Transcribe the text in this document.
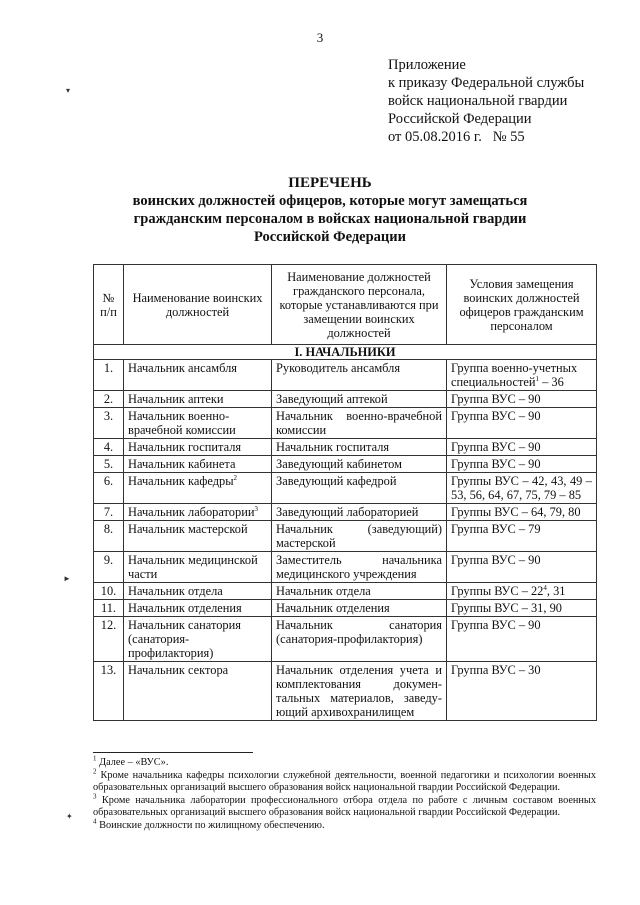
3
Приложение
к приказу Федеральной службы
войск национальной гвардии
Российской Федерации
от 05.08.2016 г.   № 55
ПЕРЕЧЕНЬ
воинских должностей офицеров, которые могут замещаться
гражданским персоналом в войсках национальной гвардии
Российской Федерации
№ п/п	Наименование воинских должностей	Наименование должностей гражданского персонала, которые устанавливаются при замещении воинских должностей	Условия замещения воинских должностей офицеров гражданским персоналом
I. НАЧАЛЬНИКИ			
1.	Начальник ансамбля	Руководитель ансамбля	Группа военно-учетных специальностей$^1$ – 36
2.	Начальник аптеки	Заведующий аптекой	Группа ВУС – 90
3.	Начальник военно-врачебной комиссии	Начальник военно-врачебной комиссии	Группа ВУС – 90
4.	Начальник госпиталя	Начальник госпиталя	Группа ВУС – 90
5.	Начальник кабинета	Заведующий кабинетом	Группа ВУС – 90
6.	Начальник кафедры$^2$	Заведующий кафедрой	Группы ВУС – 42, 43, 49 – 53, 56, 64, 67, 75, 79 – 85
7.	Начальник лаборатории$^3$	Заведующий лабораторией	Группы ВУС – 64, 79, 80
8.	Начальник мастерской	Начальник (заведующий) мастерской	Группа ВУС – 79
9.	Начальник медицинской части	Заместитель начальника медицинского учреждения	Группа ВУС – 90
10.	Начальник отдела	Начальник отдела	Группы ВУС – $22^4$, 31
11.	Начальник отделения	Начальник отделения	Группы ВУС – 31, 90
12.	Начальник санатория (санатория-профилактория)	Начальник санатория (санатория-профилактория)	Группа ВУС – 90
13.	Начальник сектора	Начальник отделения учета и комплектования докумен-тальных материалов, заведу-ющий архивохранилищем	Группа ВУС – 30

$^1$ Далее – «ВУС».

$^2$ Кроме начальника кафедры психологии служебной деятельности, военной педагогики и психологии военных образовательных организаций высшего образования войск национальной гвардии Российской Федерации.

$^3$ Кроме начальника лаборатории профессионального отбора отдела по работе с личным составом военных образовательных организаций высшего образования войск национальной гвардии Российской Федерации.

$^4$ Воинские должности по жилищному обеспечению.

▾
►
✦
